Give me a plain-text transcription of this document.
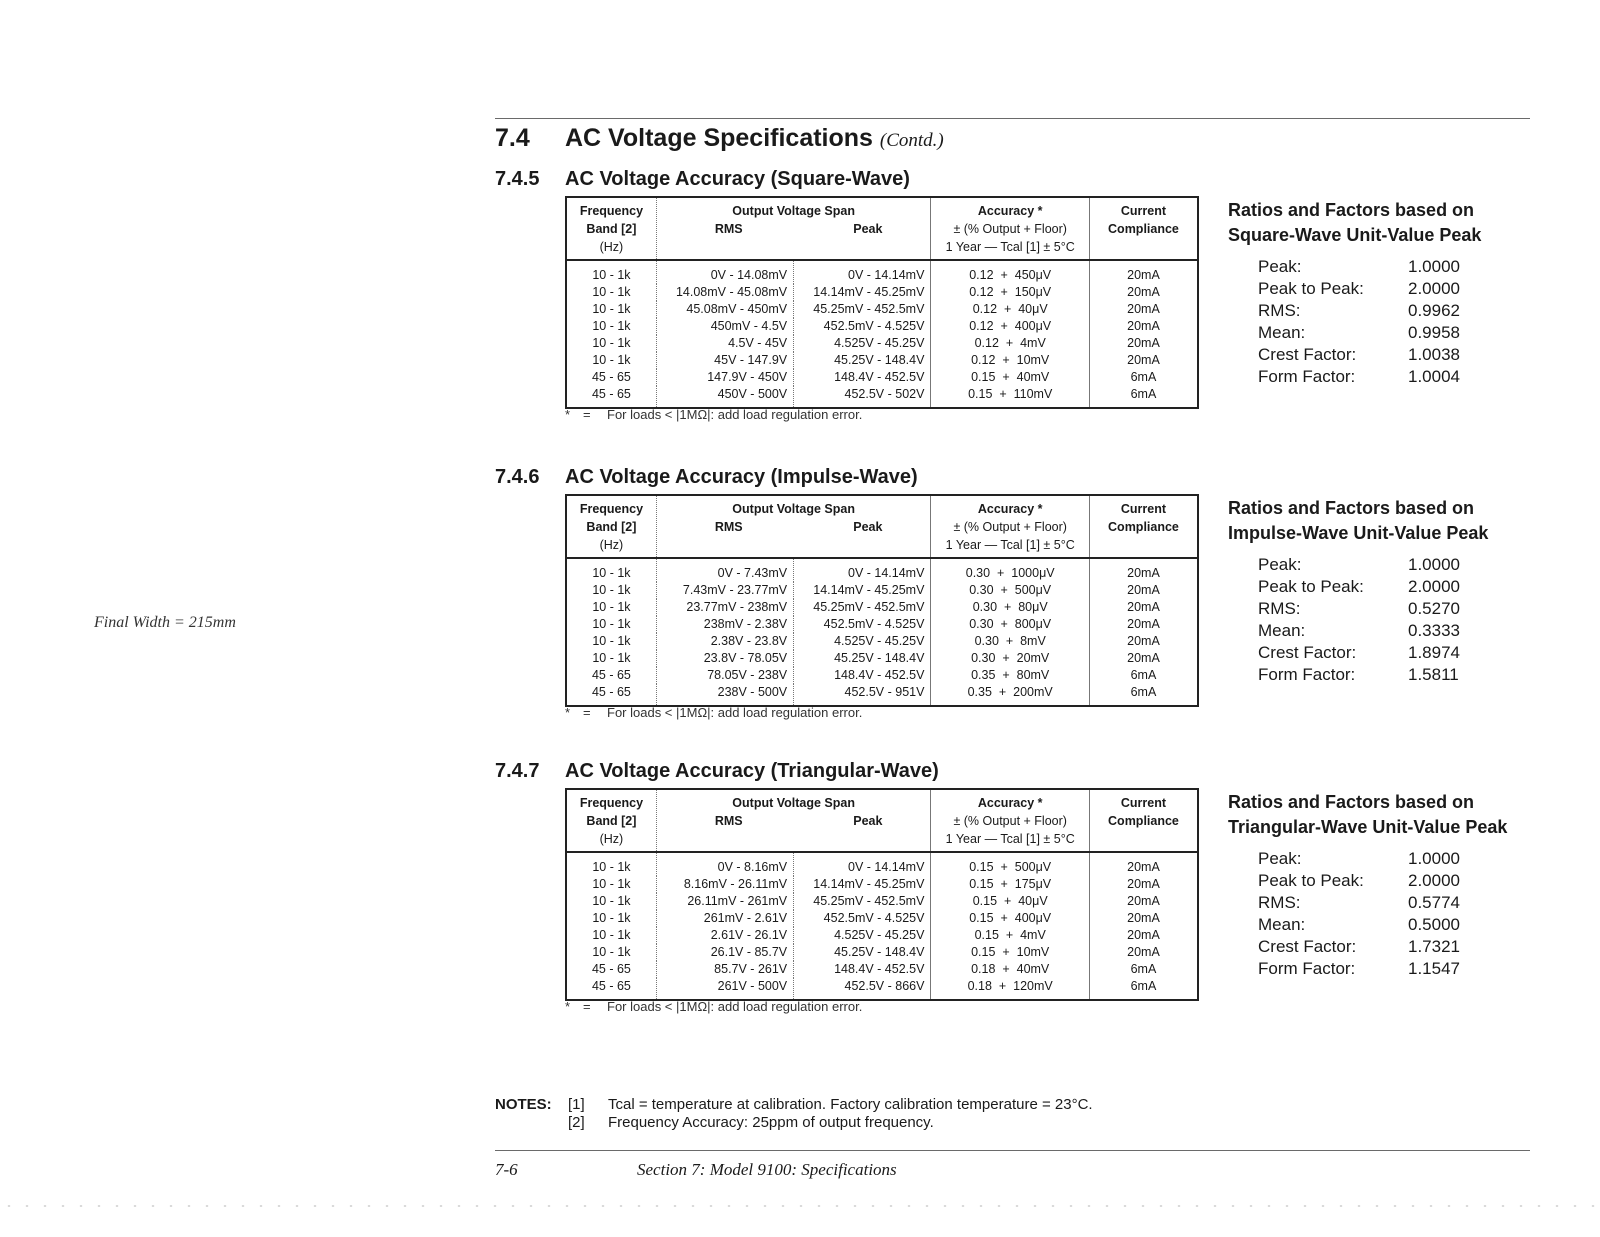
7.4 AC Voltage Specifications (Contd.)
Final Width = 215mm
7.4.5 AC Voltage Accuracy (Square-Wave)
Frequency
Band [2]
(Hz)	Output Voltage Span
RMS Peak		Accuracy *
± (% Output + Floor)
1 Year — Tcal [1] ± 5°C	Current
Compliance

10 - 1k	0V - 14.08mV	0V - 14.14mV	0.12  +  450μV	20mA
10 - 1k	14.08mV - 45.08mV	14.14mV - 45.25mV	0.12  +  150μV	20mA
10 - 1k	45.08mV - 450mV	45.25mV - 452.5mV	0.12  +  40μV	20mA
10 - 1k	450mV - 4.5V	452.5mV - 4.525V	0.12  +  400μV	20mA
10 - 1k	4.5V - 45V	4.525V - 45.25V	0.12  +  4mV	20mA
10 - 1k	45V - 147.9V	45.25V - 148.4V	0.12  +  10mV	20mA
45 - 65	147.9V - 450V	148.4V - 452.5V	0.15  +  40mV	6mA
45 - 65	450V - 500V	452.5V - 502V	0.15  +  110mV	6mA
* = For loads < |1MΩ|: add load regulation error.
Ratios and Factors based on
Square-Wave Unit-Value Peak
Peak:	1.0000
Peak to Peak:	2.0000
RMS:	0.9962
Mean:	0.9958
Crest Factor:	1.0038
Form Factor:	1.0004
7.4.6 AC Voltage Accuracy (Impulse-Wave)
Frequency
Band [2]
(Hz)	Output Voltage Span
RMS Peak		Accuracy *
± (% Output + Floor)
1 Year — Tcal [1] ± 5°C	Current
Compliance

10 - 1k	0V - 7.43mV	0V - 14.14mV	0.30  +  1000μV	20mA
10 - 1k	7.43mV - 23.77mV	14.14mV - 45.25mV	0.30  +  500μV	20mA
10 - 1k	23.77mV - 238mV	45.25mV - 452.5mV	0.30  +  80μV	20mA
10 - 1k	238mV - 2.38V	452.5mV - 4.525V	0.30  +  800μV	20mA
10 - 1k	2.38V - 23.8V	4.525V - 45.25V	0.30  +  8mV	20mA
10 - 1k	23.8V - 78.05V	45.25V - 148.4V	0.30  +  20mV	20mA
45 - 65	78.05V - 238V	148.4V - 452.5V	0.35  +  80mV	6mA
45 - 65	238V - 500V	452.5V - 951V	0.35  +  200mV	6mA
* = For loads < |1MΩ|: add load regulation error.
Ratios and Factors based on
Impulse-Wave Unit-Value Peak
Peak:	1.0000
Peak to Peak:	2.0000
RMS:	0.5270
Mean:	0.3333
Crest Factor:	1.8974
Form Factor:	1.5811
7.4.7 AC Voltage Accuracy (Triangular-Wave)
Frequency
Band [2]
(Hz)	Output Voltage Span
RMS Peak		Accuracy *
± (% Output + Floor)
1 Year — Tcal [1] ± 5°C	Current
Compliance

10 - 1k	0V - 8.16mV	0V - 14.14mV	0.15  +  500μV	20mA
10 - 1k	8.16mV - 26.11mV	14.14mV - 45.25mV	0.15  +  175μV	20mA
10 - 1k	26.11mV - 261mV	45.25mV - 452.5mV	0.15  +  40μV	20mA
10 - 1k	261mV - 2.61V	452.5mV - 4.525V	0.15  +  400μV	20mA
10 - 1k	2.61V - 26.1V	4.525V - 45.25V	0.15  +  4mV	20mA
10 - 1k	26.1V - 85.7V	45.25V - 148.4V	0.15  +  10mV	20mA
45 - 65	85.7V - 261V	148.4V - 452.5V	0.18  +  40mV	6mA
45 - 65	261V - 500V	452.5V - 866V	0.18  +  120mV	6mA
* = For loads < |1MΩ|: add load regulation error.
Ratios and Factors based on
Triangular-Wave Unit-Value Peak
Peak:	1.0000
Peak to Peak:	2.0000
RMS:	0.5774
Mean:	0.5000
Crest Factor:	1.7321
Form Factor:	1.1547
NOTES: [1] Tcal = temperature at calibration. Factory calibration temperature = 23°C.
[2] Frequency Accuracy: 25ppm of output frequency.
7-6	Section 7: Model 9100: Specifications
